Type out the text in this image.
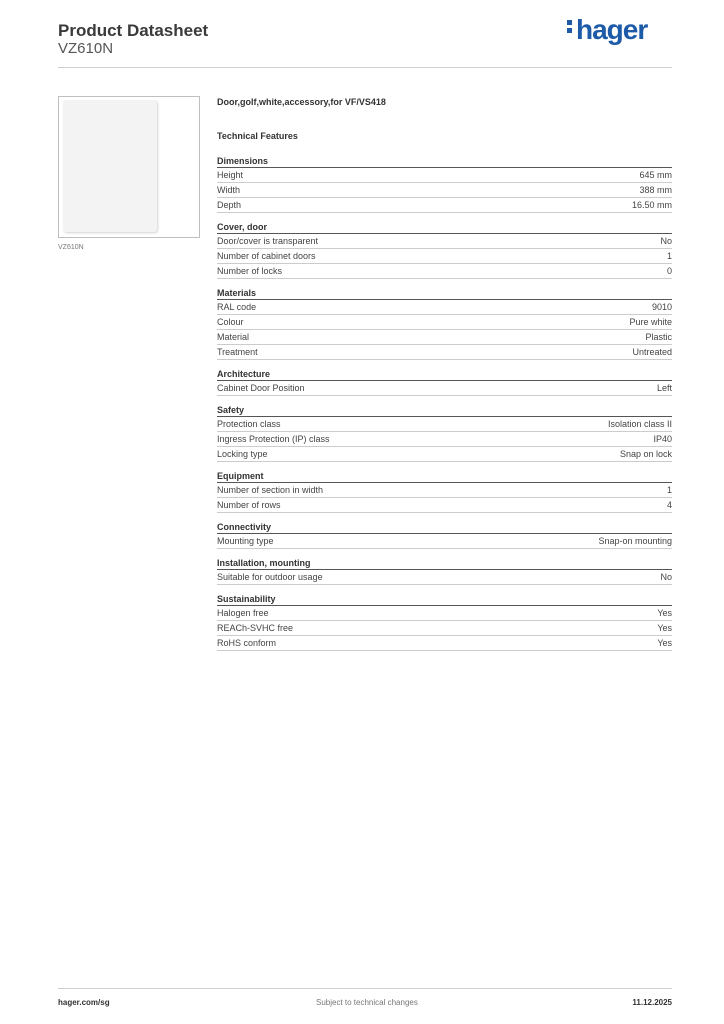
Product Datasheet
VZ610N
hager
VZ610N
Door,golf,white,accessory,for VF/VS418
Technical Features
Dimensions
Height	645 mm
Width	388 mm
Depth	16.50 mm
Cover, door
Door/cover is transparent	No
Number of cabinet doors	1
Number of locks	0
Materials
RAL code	9010
Colour	Pure white
Material	Plastic
Treatment	Untreated
Architecture
Cabinet Door Position	Left
Safety
Protection class	Isolation class II
Ingress Protection (IP) class	IP40
Locking type	Snap on lock
Equipment
Number of section in width	1
Number of rows	4
Connectivity
Mounting type	Snap-on mounting
Installation, mounting
Suitable for outdoor usage	No
Sustainability
Halogen free	Yes
REACh-SVHC free	Yes
RoHS conform	Yes
hager.com/sg	Subject to technical changes	11.12.2025
